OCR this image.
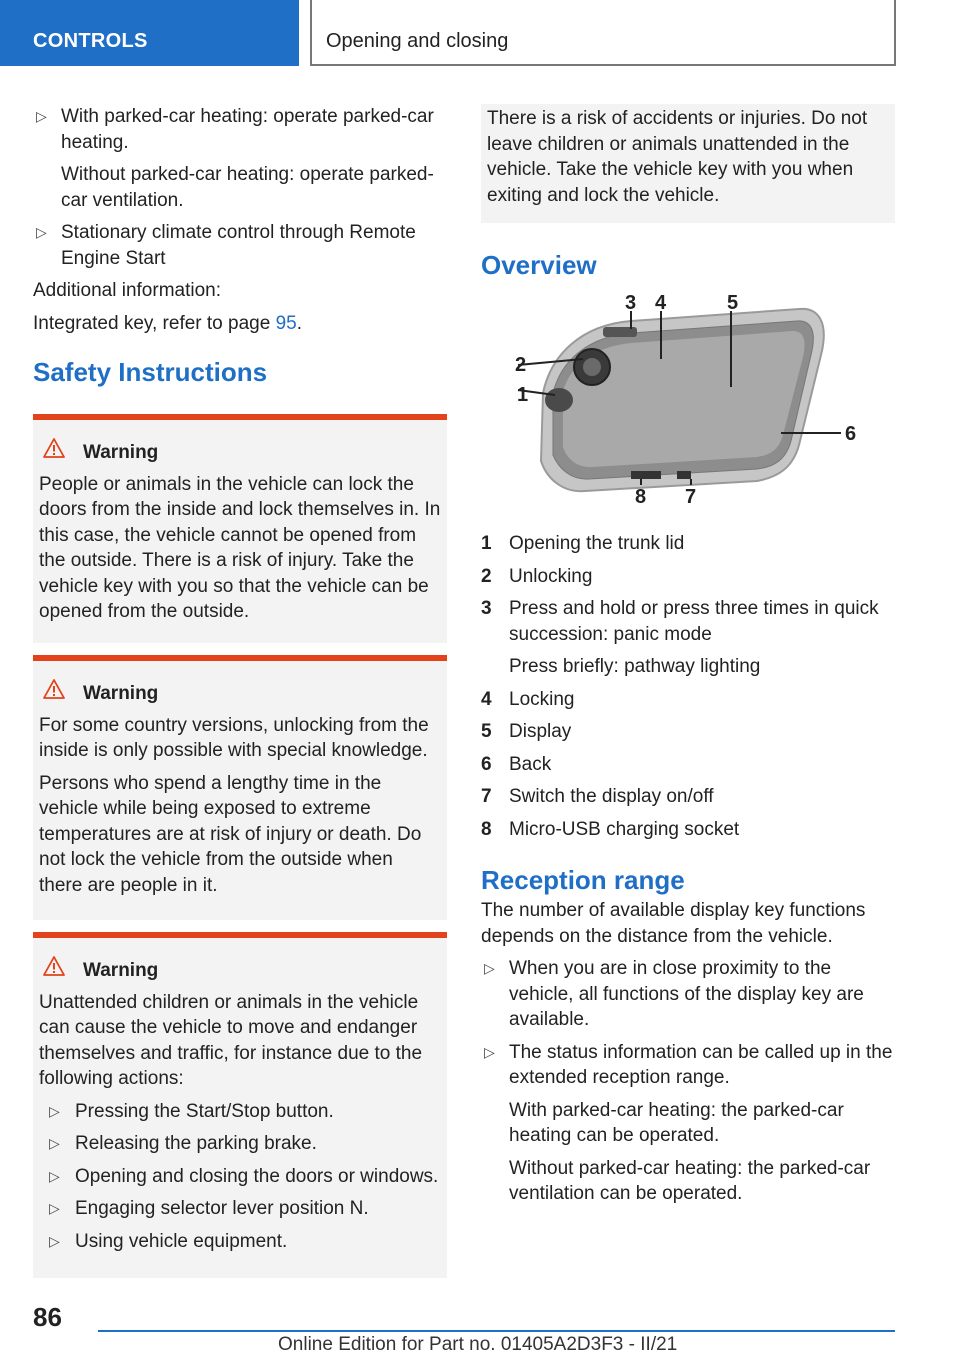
CONTROLS	Opening and closing
▷ With parked-car heating: operate parked-car heating.

Without parked-car heating: operate parked-car ventilation.

▷ Stationary climate control through Remote Engine Start

Additional information:

Integrated key, refer to page 95.

Safety Instructions
Warning

People or animals in the vehicle can lock the doors from the inside and lock themselves in. In this case, the vehicle cannot be opened from the outside. There is a risk of injury. Take the vehicle key with you so that the vehicle can be opened from the outside.

Warning

For some country versions, unlocking from the inside is only possible with special knowledge.

Persons who spend a lengthy time in the vehicle while being exposed to extreme temperatures are at risk of injury or death. Do not lock the vehicle from the outside when there are people in it.

Warning

Unattended children or animals in the vehicle can cause the vehicle to move and endanger themselves and traffic, for instance due to the following actions:

▷ Pressing the Start/Stop button.
▷ Releasing the parking brake.
▷ Opening and closing the doors or windows.
▷ Engaging selector lever position N.
▷ Using vehicle equipment.

There is a risk of accidents or injuries. Do not leave children or animals unattended in the vehicle. Take the vehicle key with you when exiting and lock the vehicle.

Overview
1
2
3 4	5
6
7
8
1 Opening the trunk lid

2 Unlocking

3 Press and hold or press three times in quick succession: panic mode

Press briefly: pathway lighting

4 Locking

5 Display

6 Back

7 Switch the display on/off

8 Micro-USB charging socket

Reception range

The number of available display key functions depends on the distance from the vehicle.

▷ When you are in close proximity to the vehicle, all functions of the display key are available.

▷ The status information can be called up in the extended reception range.

With parked-car heating: the parked-car heating can be operated.

Without parked-car heating: the parked-car ventilation can be operated.

86
Online Edition for Part no. 01405A2D3F3 - II/21
